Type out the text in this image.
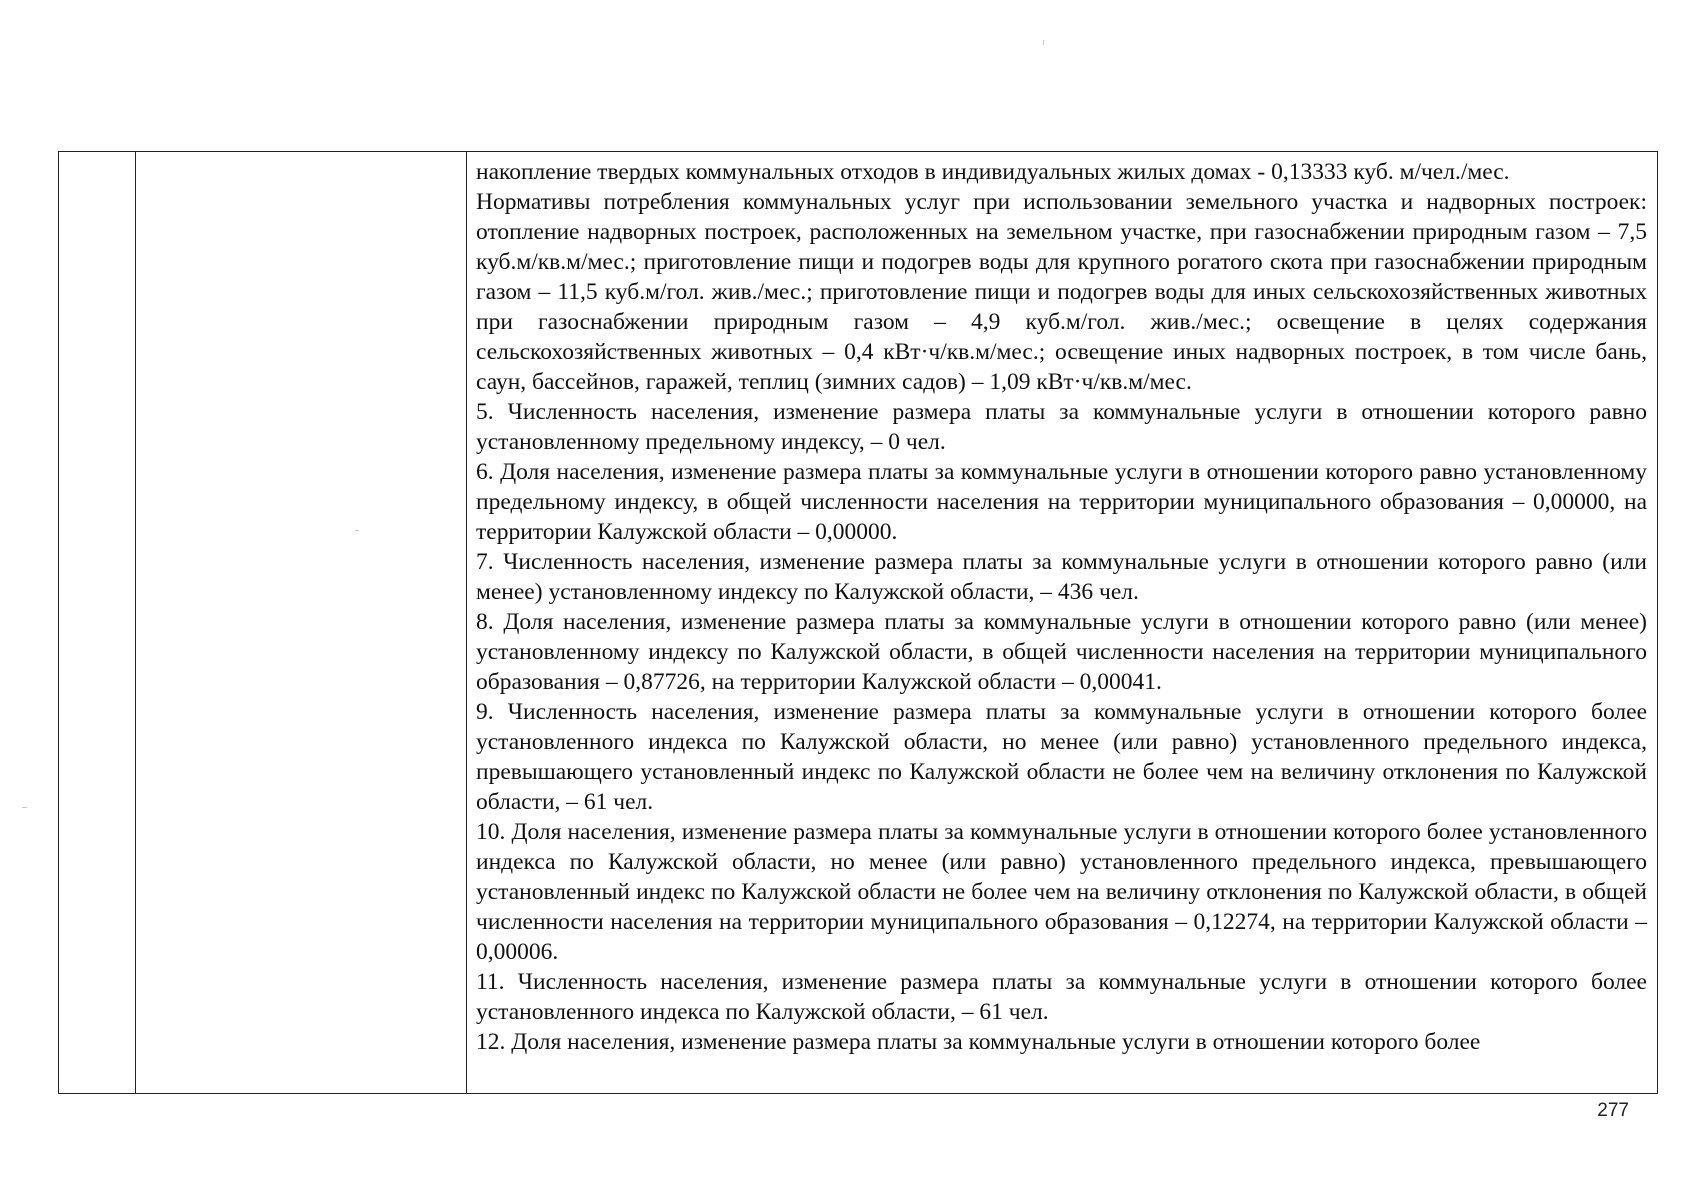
накопление твердых коммунальных отходов в индивидуальных жилых домах - 0,13333 куб. м/чел./мес.

Нормативы потребления коммунальных услуг при использовании земельного участка и надворных построек: отопление надворных построек, расположенных на земельном участке, при газоснабжении природным газом – 7,5 куб.м/кв.м/мес.; приготовление пищи и подогрев воды для крупного рогатого скота при газоснабжении природным газом – 11,5 куб.м/гол. жив./мес.; приготовление пищи и подогрев воды для иных сельскохозяйственных животных при газоснабжении природным газом – 4,9 куб.м/гол. жив./мес.; освещение в целях содержания сельскохозяйственных животных – 0,4 кВт·ч/кв.м/мес.; освещение иных надворных построек, в том числе бань, саун, бассейнов, гаражей, теплиц (зимних садов) – 1,09 кВт·ч/кв.м/мес.

5. Численность населения, изменение размера платы за коммунальные услуги в отношении которого равно установленному предельному индексу, – 0 чел.

6. Доля населения, изменение размера платы за коммунальные услуги в отношении которого равно установленному предельному индексу, в общей численности населения на территории муниципального образования – 0,00000, на территории Калужской области – 0,00000.

7. Численность населения, изменение размера платы за коммунальные услуги в отношении которого равно (или менее) установленному индексу по Калужской области, – 436 чел.

8. Доля населения, изменение размера платы за коммунальные услуги в отношении которого равно (или менее) установленному индексу по Калужской области, в общей численности населения на территории муниципального образования – 0,87726, на территории Калужской области – 0,00041.

9. Численность населения, изменение размера платы за коммунальные услуги в отношении которого более установленного индекса по Калужской области, но менее (или равно) установленного предельного индекса, превышающего установленный индекс по Калужской области не более чем на величину отклонения по Калужской области, – 61 чел.

10. Доля населения, изменение размера платы за коммунальные услуги в отношении которого более установленного индекса по Калужской области, но менее (или равно) установленного предельного индекса, превышающего установленный индекс по Калужской области не более чем на величину отклонения по Калужской области, в общей численности населения на территории муниципального образования – 0,12274, на территории Калужской области – 0,00006.

11. Численность населения, изменение размера платы за коммунальные услуги в отношении которого более установленного индекса по Калужской области, – 61 чел.

12. Доля населения, изменение размера платы за коммунальные услуги в отношении которого более

277
